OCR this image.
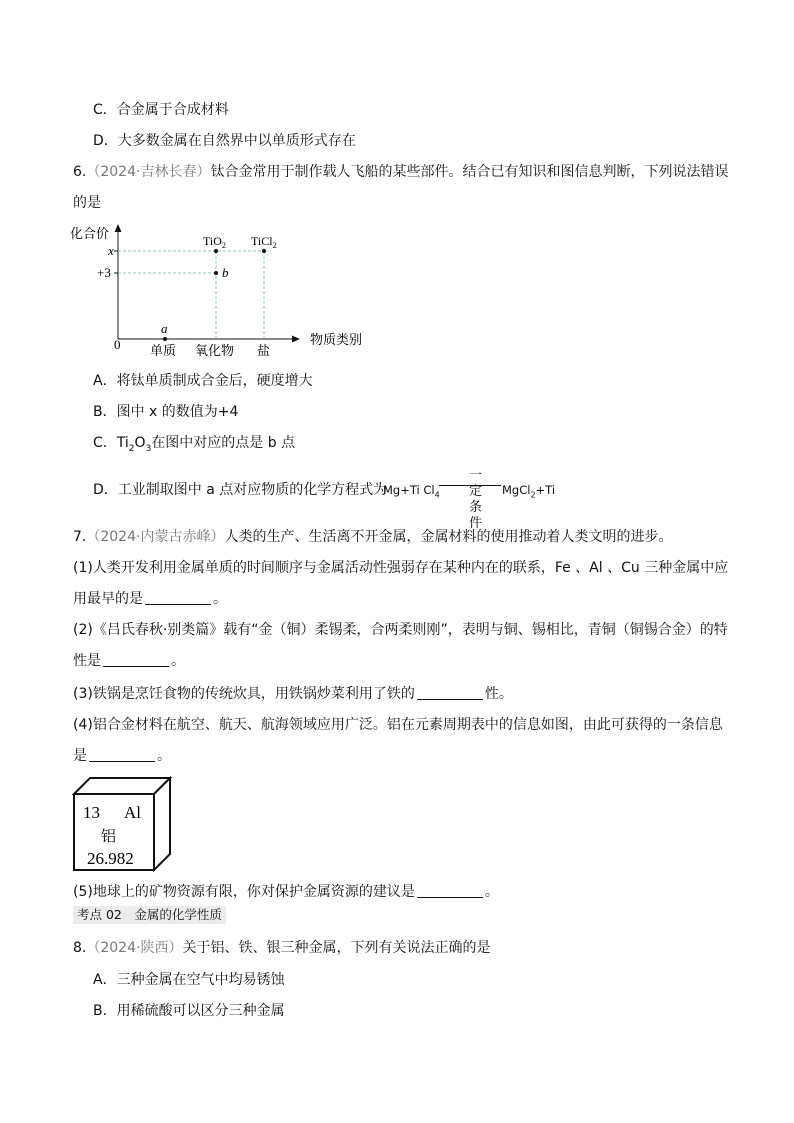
C．合金属于合成材料
D．大多数金属在自然界中以单质形式存在
6.（2024·吉林长春）钛合金常用于制作载人飞船的某些部件。结合已有知识和图信息判断，下列说法错误
的是
化合价
物质类别
x
+3
0 单质 氧化物 盐
a
b
TiO$_2$ TiCl$_2$
A．将钛单质制成合金后，硬度增大
B．图中 x 的数值为+4
C．$Ti_2O_3$在图中对应的点是 b 点
D．工业制取图中 a 点对应物质的化学方程式为
Mg+Ti $Cl_4$
一定条件
MgCl$_2$+Ti
7.（2024·内蒙古赤峰）人类的生产、生活离不开金属，金属材料的使用推动着人类文明的进步。
(1)人类开发利用金属单质的时间顺序与金属活动性强弱存在某种内在的联系，Fe 、Al 、Cu 三种金属中应
用最早的是	。
(2)《吕氏春秋·别类篇》载有“金（铜）柔锡柔，合两柔则刚”，表明与铜、锡相比，青铜（铜锡合金）的特
性是	。
(3)铁锅是烹饪食物的传统炊具，用铁锅炒菜利用了铁的	性。
(4)铝合金材料在航空、航天、航海领域应用广泛。铝在元素周期表中的信息如图，由此可获得的一条信息
是	。
13 Al
铝
26.982
(5)地球上的矿物资源有限，你对保护金属资源的建议是	。
考点 02　金属的化学性质
8.（2024·陕西）关于铝、铁、银三种金属，下列有关说法正确的是
A．三种金属在空气中均易锈蚀
B．用稀硫酸可以区分三种金属
